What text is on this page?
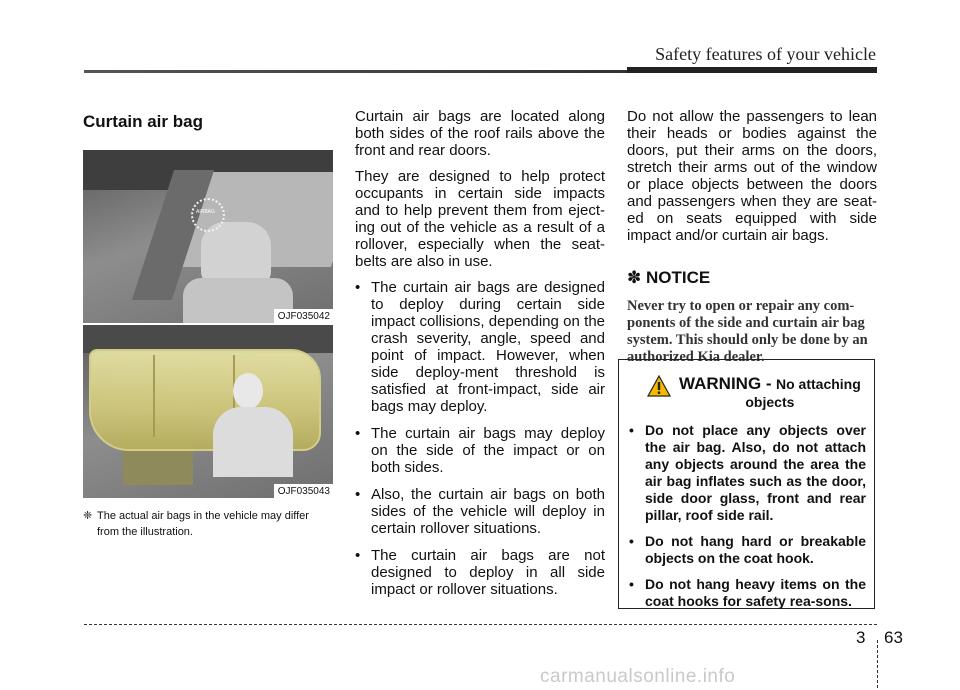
Safety features of your vehicle
Curtain air bag
AIRBAG
OJF035042
OJF035043
❈ The actual air bags in the vehicle may differ from the illustration.

Curtain air bags are located along both sides of the roof rails above the front and rear doors.

They are designed to help protect occupants in certain side impacts and to help prevent them from eject-ing out of the vehicle as a result of a rollover, especially when the seat-belts are also in use.

• The curtain air bags are designed to deploy during certain side impact collisions, depending on the crash severity, angle, speed and point of impact. However, when side deploy-ment threshold is satisfied at front-impact, side air bags may deploy.
• The curtain air bags may deploy on the side of the impact or on both sides.
• Also, the curtain air bags on both sides of the vehicle will deploy in certain rollover situations.
• The curtain air bags are not designed to deploy in all side impact or rollover situations.

Do not allow the passengers to lean their heads or bodies against the doors, put their arms on the doors, stretch their arms out of the window or place objects between the doors and passengers when they are seat-ed on seats equipped with side impact and/or curtain air bags.

✽ NOTICE
Never try to open or repair any com-ponents of the side and curtain air bag system. This should only be done by an authorized Kia dealer.
WARNING - No attaching
objects
• Do not place any objects over the air bag. Also, do not attach any objects around the area the air bag inflates such as the door, side door glass, front and rear pillar, roof side rail.
• Do not hang hard or breakable objects on the coat hook.
• Do not hang heavy items on the coat hooks for safety rea-sons.
3 63
carmanualsonline.info
